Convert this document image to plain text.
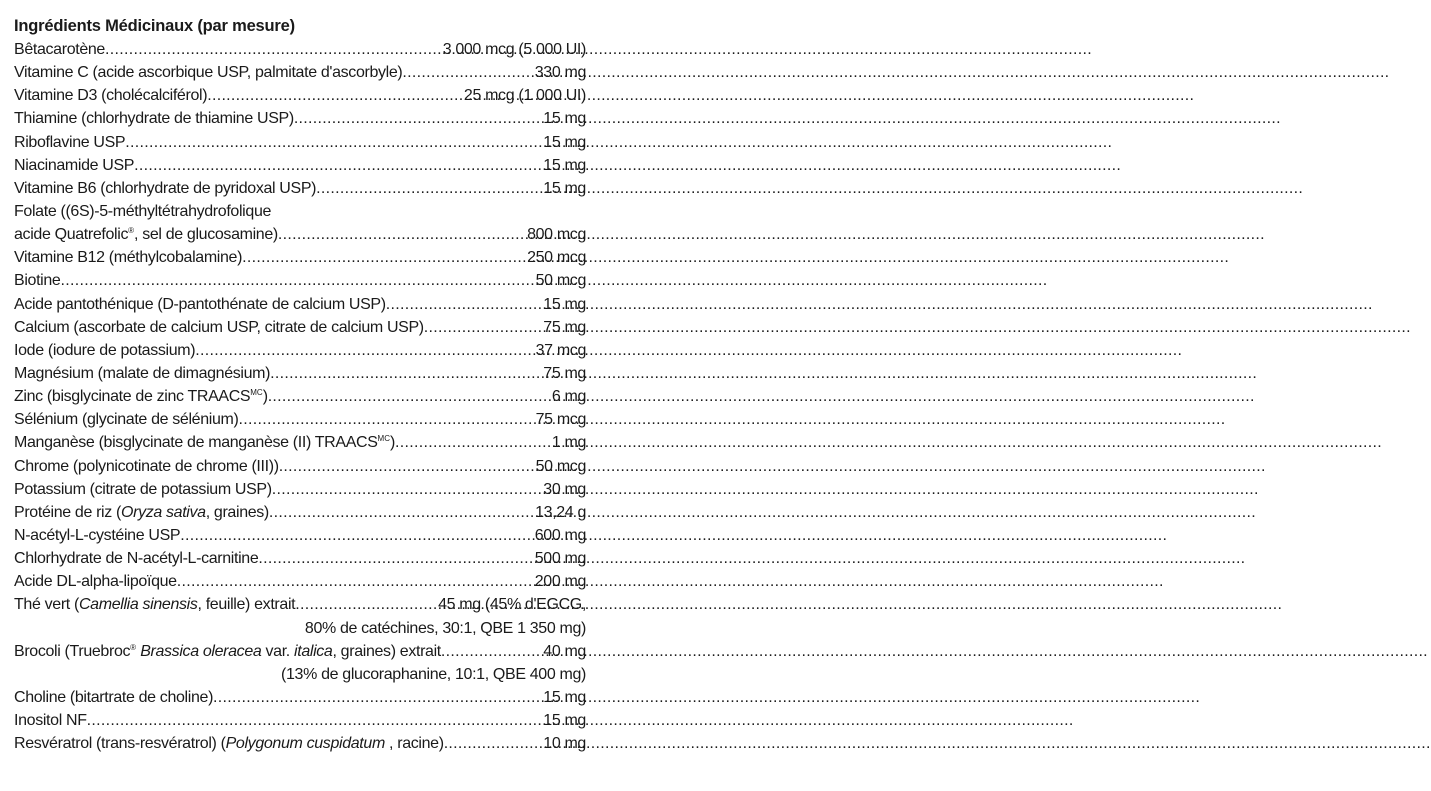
Ingrédients Médicinaux (par mesure)
Bêtacarotène .....	3 000 mcg (5 000 UI)
Vitamine C (acide ascorbique USP, palmitate d'ascorbyle) .....	330 mg
Vitamine D3 (cholécalciférol) .....	25 mcg (1 000 UI)
Thiamine (chlorhydrate de thiamine USP) .....	15 mg
Riboflavine USP .....	15 mg
Niacinamide USP .....	15 mg
Vitamine B6 (chlorhydrate de pyridoxal USP) .....	15 mg
Folate ((6S)-5-méthyltétrahydrofolique
acide Quatrefolic®, sel de glucosamine) .....	800 mcg
Vitamine B12 (méthylcobalamine) .....	250 mcg
Biotine .....	50 mcg
Acide pantothénique (D-pantothénate de calcium USP) .....	15 mg
Calcium (ascorbate de calcium USP, citrate de calcium USP) .....	75 mg
Iode (iodure de potassium) .....	37 mcg
Magnésium (malate de dimagnésium) .....	75 mg
Zinc (bisglycinate de zinc $TRAACS^{MC}$) .....	6 mg
Sélénium (glycinate de sélénium) .....	75 mcg
Manganèse (bisglycinate de manganèse (II) $TRAACS^{MC}$) .....	1 mg
Chrome (polynicotinate de chrome (III)) .....	50 mcg
Potassium (citrate de potassium USP) .....	30 mg
Protéine de riz (Oryza sativa, graines) .....	13,24 g
N-acétyl-L-cystéine USP .....	600 mg
Chlorhydrate de N-acétyl-L-carnitine .....	500 mg
Acide DL-alpha-lipoïque .....	200 mg
Thé vert (Camellia sinensis, feuille) extrait .....	45 mg (45% d'EGCG,
80% de catéchines, 30:1, QBE 1 350 mg)
Brocoli (Truebroc® Brassica oleracea var. italica, graines) extrait .....	40 mg
(13% de glucoraphanine, 10:1, QBE 400 mg)
Choline (bitartrate de choline) .....	15 mg
Inositol NF .....	15 mg
Resvératrol (trans-resvératrol) (Polygonum cuspidatum , racine) .....	10 mg
